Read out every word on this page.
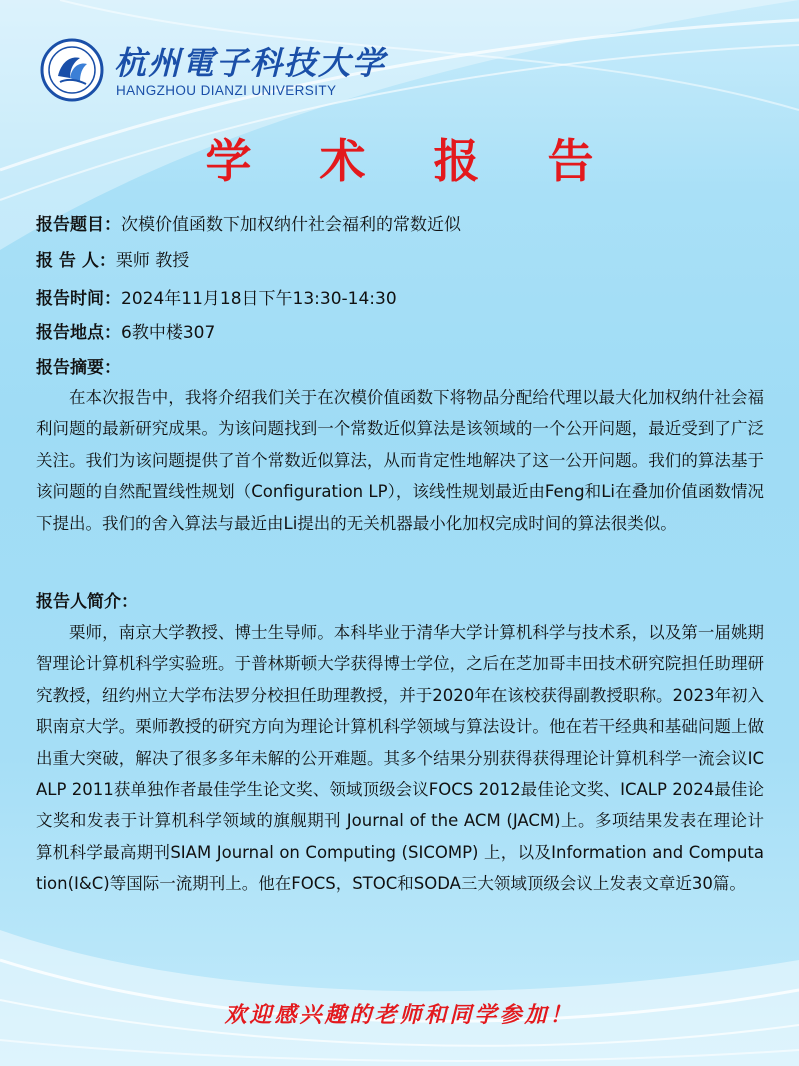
杭州電子科技大学
HANGZHOU DIANZI UNIVERSITY
学 术 报 告
报告题目：次模价值函数下加权纳什社会福利的常数近似
报 告 人：栗师 教授
报告时间：2024年11月18日下午13:30-14:30
报告地点：6教中楼307
报告摘要：
在本次报告中，我将介绍我们关于在次模价值函数下将物品分配给代理以最大化加权纳什社会福利问题的最新研究成果。为该问题找到一个常数近似算法是该领域的一个公开问题，最近受到了广泛关注。我们为该问题提供了首个常数近似算法，从而肯定性地解决了这一公开问题。我们的算法基于该问题的自然配置线性规划（Configuration LP），该线性规划最近由Feng和Li在叠加价值函数情况下提出。我们的舍入算法与最近由Li提出的无关机器最小化加权完成时间的算法很类似。
报告人简介：
栗师，南京大学教授、博士生导师。本科毕业于清华大学计算机科学与技术系，以及第一届姚期智理论计算机科学实验班。于普林斯顿大学获得博士学位，之后在芝加哥丰田技术研究院担任助理研究教授，纽约州立大学布法罗分校担任助理教授，并于2020年在该校获得副教授职称。2023年初入职南京大学。栗师教授的研究方向为理论计算机科学领域与算法设计。他在若干经典和基础问题上做出重大突破，解决了很多多年未解的公开难题。其多个结果分别获得获得理论计算机科学一流会议ICALP 2011获单独作者最佳学生论文奖、领域顶级会议FOCS 2012最佳论文奖、ICALP 2024最佳论文奖和发表于计算机科学领域的旗舰期刊 Journal of the ACM (JACM)上。多项结果发表在理论计算机科学最高期刊SIAM Journal on Computing (SICOMP) 上，以及Information and Computation(I&C)等国际一流期刊上。他在FOCS，STOC和SODA三大领域顶级会议上发表文章近30篇。
欢迎感兴趣的老师和同学参加！
